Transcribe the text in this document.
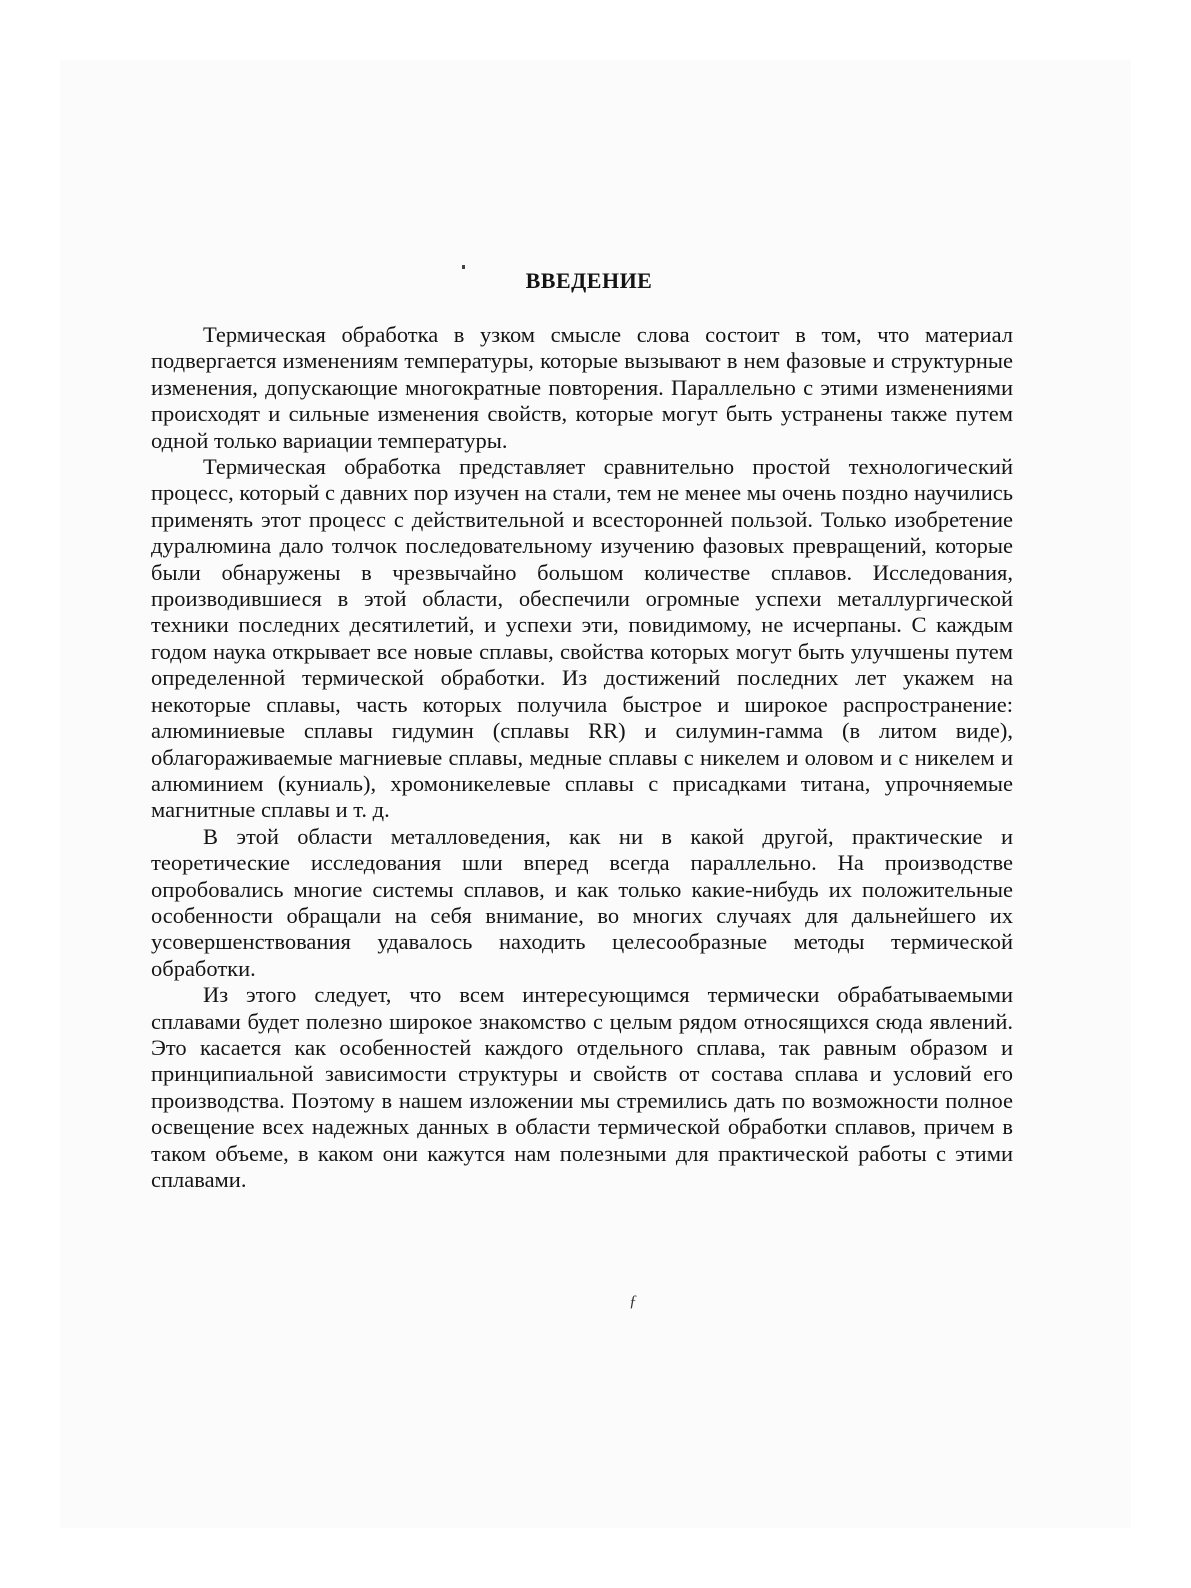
ВВЕДЕНИЕ

Термическая обработка в узком смысле слова состоит в том, что материал подвергается изменениям температуры, которые вызывают в нем фазовые и структурные изменения, допускающие многократные повторения. Параллельно с этими изменениями происходят и сильные изменения свойств, которые могут быть устранены также путем одной только вариации температуры.

Термическая обработка представляет сравнительно простой технологический процесс, который с давних пор изучен на стали, тем не менее мы очень поздно научились применять этот процесс с действительной и всесторонней пользой. Только изобретение дуралюмина дало толчок последовательному изучению фазовых превращений, которые были обнаружены в чрезвычайно большом количестве сплавов. Исследования, производившиеся в этой области, обеспечили огромные успехи металлургической техники последних десятилетий, и успехи эти, повидимому, не исчерпаны. С каждым годом наука открывает все новые сплавы, свойства которых могут быть улучшены путем определенной термической обработки. Из достижений последних лет укажем на некоторые сплавы, часть которых получила быстрое и широкое распространение: алюминиевые сплавы гидумин (сплавы RR) и силумин-гамма (в литом виде), облагораживаемые магниевые сплавы, медные сплавы с никелем и оловом и с никелем и алюминием (куниаль), хромоникелевые сплавы с присадками титана, упрочняемые магнитные сплавы и т. д.

В этой области металловедения, как ни в какой другой, практические и теоретические исследования шли вперед всегда параллельно. На производстве опробовались многие системы сплавов, и как только какие-нибудь их положительные особенности обращали на себя внимание, во многих случаях для дальнейшего их усовершенствования удавалось находить целесообразные методы термической обработки.

Из этого следует, что всем интересующимся термически обрабатываемыми сплавами будет полезно широкое знакомство с целым рядом относящихся сюда явлений. Это касается как особенностей каждого отдельного сплава, так равным образом и принципиальной зависимости структуры и свойств от состава сплава и условий его производства. Поэтому в нашем изложении мы стремились дать по возможности полное освещение всех надежных данных в области термической обработки сплавов, причем в таком объеме, в каком они кажутся нам полезными для практической работы с этими сплавами.

ƒ
